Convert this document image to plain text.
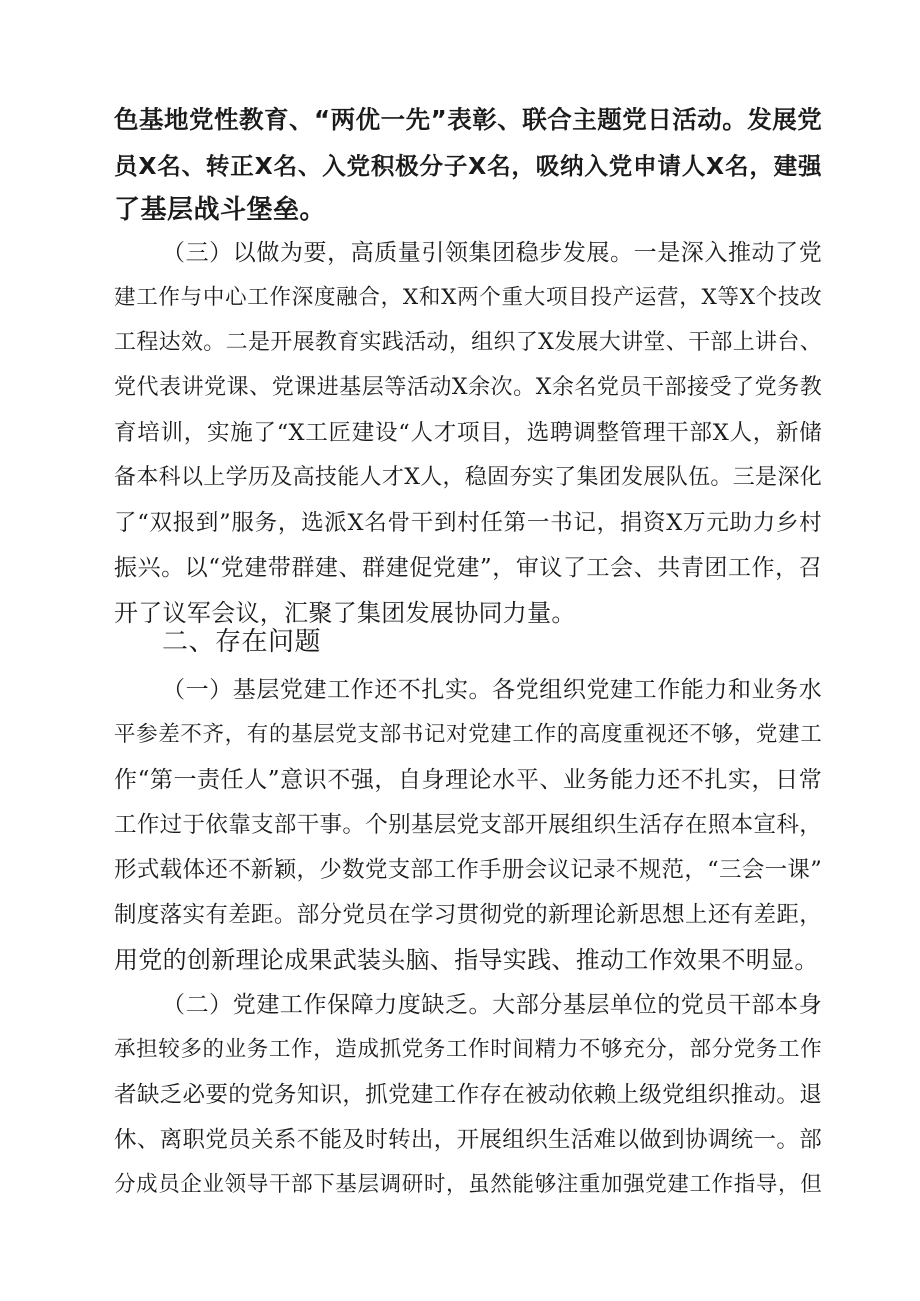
色基地党性教育、“两优一先”表彰、联合主题党日活动。发展党

员X名、转正X名、入党积极分子X名，吸纳入党申请人X名，建强

了基层战斗堡垒。

（三）以做为要，高质量引领集团稳步发展。一是深入推动了党

建工作与中心工作深度融合，X和X两个重大项目投产运营，X等X个技改

工程达效。二是开展教育实践活动，组织了X发展大讲堂、干部上讲台、

党代表讲党课、党课进基层等活动X余次。X余名党员干部接受了党务教

育培训，实施了“X工匠建设“人才项目，选聘调整管理干部X人，新储

备本科以上学历及高技能人才X人，稳固夯实了集团发展队伍。三是深化

了“双报到”服务，选派X名骨干到村任第一书记，捐资X万元助力乡村

振兴。以“党建带群建、群建促党建”，审议了工会、共青团工作，召

开了议军会议，汇聚了集团发展协同力量。

二、存在问题

（一）基层党建工作还不扎实。各党组织党建工作能力和业务水

平参差不齐，有的基层党支部书记对党建工作的高度重视还不够，党建工

作“第一责任人”意识不强，自身理论水平、业务能力还不扎实，日常

工作过于依靠支部干事。个别基层党支部开展组织生活存在照本宣科，

形式载体还不新颖，少数党支部工作手册会议记录不规范，“三会一课”

制度落实有差距。部分党员在学习贯彻党的新理论新思想上还有差距，

用党的创新理论成果武装头脑、指导实践、推动工作效果不明显。

（二）党建工作保障力度缺乏。大部分基层单位的党员干部本身

承担较多的业务工作，造成抓党务工作时间精力不够充分，部分党务工作

者缺乏必要的党务知识，抓党建工作存在被动依赖上级党组织推动。退

休、离职党员关系不能及时转出，开展组织生活难以做到协调统一。部

分成员企业领导干部下基层调研时，虽然能够注重加强党建工作指导，但
